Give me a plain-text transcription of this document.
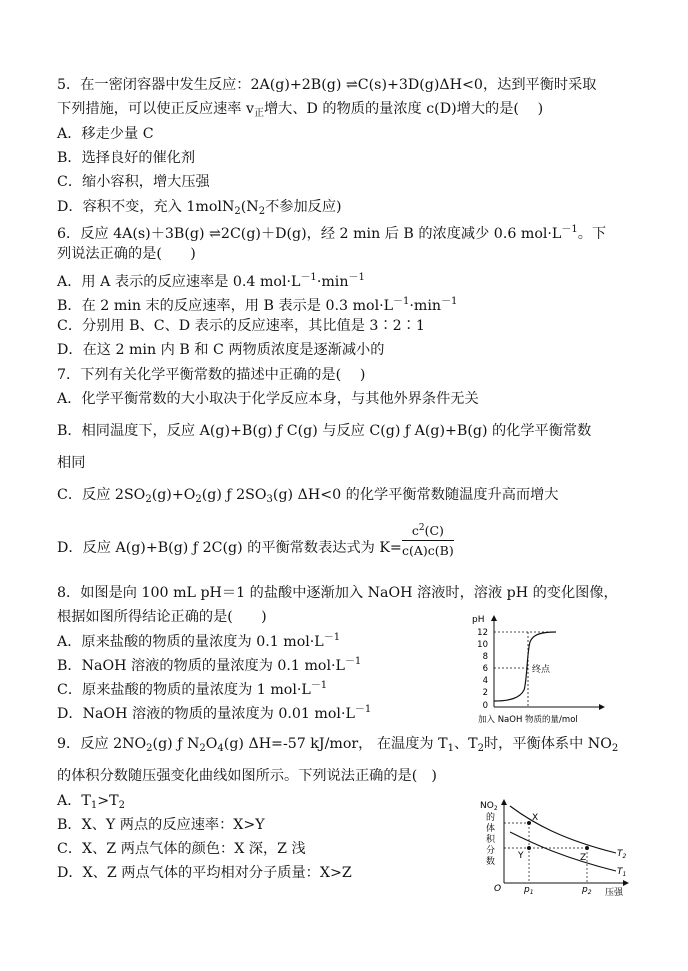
5．在一密闭容器中发生反应：2A(g)+2B(g) ⇌C(s)+3D(g)ΔH<0，达到平衡时采取
下列措施，可以使正反应速率 $v_正$增大、D 的物质的量浓度 c(D)增大的是(　 )
A．移走少量 C
B．选择良好的催化剂
C．缩小容积，增大压强
D．容积不变，充入 $1molN_2(N_2$不参加反应)
6．反应 4A(s)＋3B(g) ⇌2C(g)＋D(g)，经 2 min 后 B 的浓度减少 0.6 $mol\cdot L^{-1}$。下
列说法正确的是(　　)
A．用 A 表示的反应速率是 0.4 $mol\cdot L^{-1}\cdot\min^{-1}$
B．在 2 min 末的反应速率，用 B 表示是 0.3 $mol\cdot L^{-1}\cdot\min^{-1}$
C．分别用 B、C、D 表示的反应速率，其比值是 3∶2∶1
D．在这 2 min 内 B 和 C 两物质浓度是逐渐减小的
7．下列有关化学平衡常数的描述中正确的是(　 )
A．化学平衡常数的大小取决于化学反应本身，与其他外界条件无关
B．相同温度下，反应 A(g)+B(g) ƒ C(g) 与反应 C(g) ƒ A(g)+B(g) 的化学平衡常数
相同
C．反应 $2SO_2(g)+O_2(g)$ ƒ $2SO_3(g)$ ΔH<0 的化学平衡常数随温度升高而增大
D．反应 A(g)+B(g) ƒ 2C(g) 的平衡常数表达式为 $K= \frac{c^2(C)}{c(A)c(B)}$
8．如图是向 100 mL pH＝1 的盐酸中逐渐加入 NaOH 溶液时，溶液 pH 的变化图像，
根据如图所得结论正确的是(　　)
A．原来盐酸的物质的量浓度为 0.1 $mol\cdot L^{-1}$
B．NaOH 溶液的物质的量浓度为 0.1 $mol\cdot L^{-1}$
C．原来盐酸的物质的量浓度为 1 $mol\cdot L^{-1}$
D．NaOH 溶液的物质的量浓度为 0.01 $mol\cdot L^{-1}$
pH
12
10
8
6
4
2
0
终点
加入 NaOH 物质的量/mol
9．反应 $2NO_2(g)$ ƒ $N_2O_4(g)$ ΔH=-57 kJ/mor， 在温度为 $T_1$、$T_2$时，平衡体系中 $NO_2$
的体积分数随压强变化曲线如图所示。下列说法正确的是(　)
A．$T_1>T_2$
B．X、Y 两点的反应速率：X>Y
C．X、Z 两点气体的颜色：X 深，Z 浅
D．X、Z 两点气体的平均相对分子质量：X>Z
$NO_2$
的
体
积
分
数
O
X
Y	Z	$T_2$
$T_1$
$p_1$	$p_2$ 压强
